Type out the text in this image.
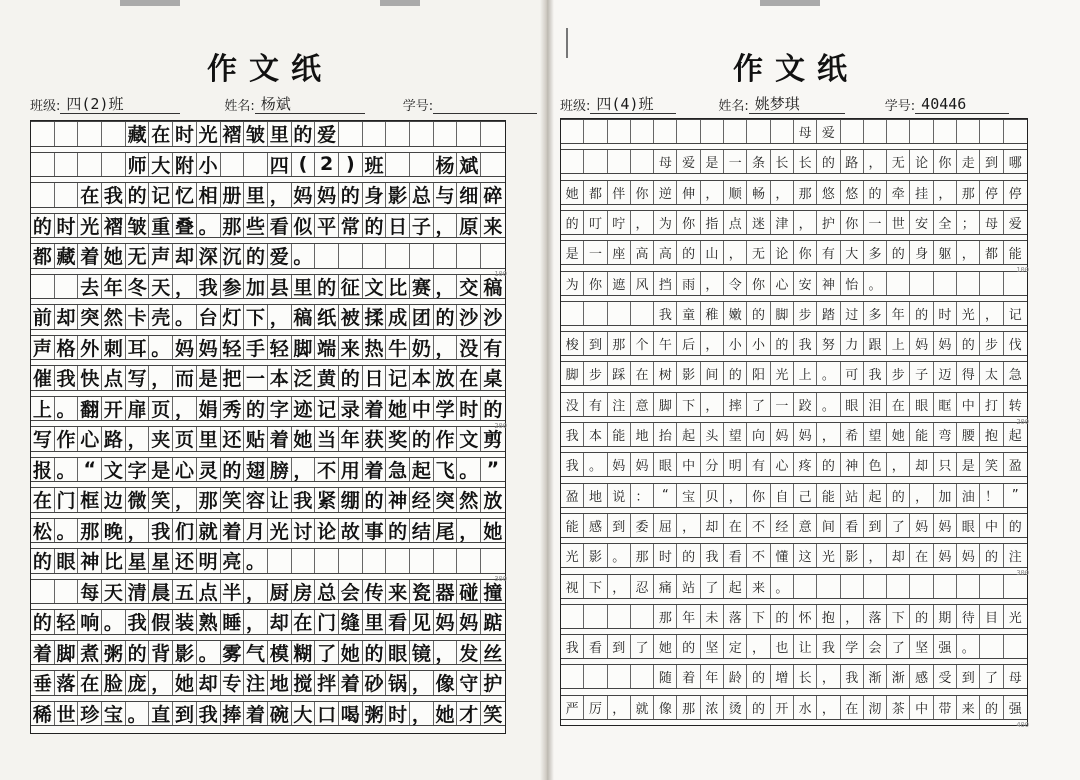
作文纸
班级: 四(2)班	姓名: 杨斌	学号:
藏 在 时 光 褶 皱 里 的 爱
师 大 附 小	四 ( 2 ) 班	杨 斌
在 我 的 记 忆 相 册 里 ， 妈 妈 的 身 影 总 与 细 碎
的 时 光 褶 皱 重 叠 。 那 些 看 似 平 常 的 日 子 ， 原 来
都 藏 着 她 无 声 却 深 沉 的 爱 。
去 年 冬 天 ， 我 参 加 县 里 的 征 文 比 赛 ， 交 稿
前 却 突 然 卡 壳 。 台 灯 下 ， 稿 纸 被 揉 成 团 的 沙 沙
声 格 外 刺 耳 。 妈 妈 轻 手 轻 脚 端 来 热 牛 奶 ， 没 有
催 我 快 点 写 ， 而 是 把 一 本 泛 黄 的 日 记 本 放 在 桌
上 。 翻 开 扉 页 ， 娟 秀 的 字 迹 记 录 着 她 中 学 时 的
写 作 心 路 ， 夹 页 里 还 贴 着 她 当 年 获 奖 的 作 文 剪
报 。 “ 文 字 是 心 灵 的 翅 膀 ， 不 用 着 急 起 飞 。 ”
在 门 框 边 微 笑 ， 那 笑 容 让 我 紧 绷 的 神 经 突 然 放
松 。 那 晚 ， 我 们 就 着 月 光 讨 论 故 事 的 结 尾 ， 她
的 眼 神 比 星 星 还 明 亮 。
每 天 清 晨 五 点 半 ， 厨 房 总 会 传 来 瓷 器 碰 撞
的 轻 响 。 我 假 装 熟 睡 ， 却 在 门 缝 里 看 见 妈 妈 踮
着 脚 煮 粥 的 背 影 。 雾 气 模 糊 了 她 的 眼 镜 ， 发 丝
垂 落 在 脸 庞 ， 她 却 专 注 地 搅 拌 着 砂 锅 ， 像 守 护
稀 世 珍 宝 。 直 到 我 捧 着 碗 大 口 喝 粥 时 ， 她 才 笑
100
200
300
作文纸
班级: 四(4)班	姓名: 姚梦琪	学号: 40446
母 爱
母 爱 是 一 条 长 长 的 路 ， 无 论 你 走 到 哪
她 都 伴 你 逆 伸 ， 顺 畅 ， 那 悠 悠 的 牵 挂 ， 那 停 停
的 叮 咛 ， 为 你 指 点 迷 津 ， 护 你 一 世 安 全 ； 母 爱
是 一 座 高 高 的 山 ， 无 论 你 有 大 多 的 身 躯 ， 都 能
为 你 遮 风 挡 雨 ， 令 你 心 安 神 怡 。
我 童 稚 嫩 的 脚 步 踏 过 多 年 的 时 光 ， 记
梭 到 那 个 午 后 ， 小 小 的 我 努 力 跟 上 妈 妈 的 步 伐
脚 步 踩 在 树 影 间 的 阳 光 上 。 可 我 步 子 迈 得 太 急
没 有 注 意 脚 下 ， 摔 了 一 跤 。 眼 泪 在 眼 眶 中 打 转
我 本 能 地 抬 起 头 望 向 妈 妈 ， 希 望 她 能 弯 腰 抱 起
我 。 妈 妈 眼 中 分 明 有 心 疼 的 神 色 ， 却 只 是 笑 盈
盈 地 说 ：	“	宝 贝 ， 你 自 己 能 站 起 的 ， 加 油 ！	”
能 感 到 委 屈 ， 却 在 不 经 意 间 看 到 了 妈 妈 眼 中 的
光 影 。 那 时 的 我 看 不 懂 这 光 影 ， 却 在 妈 妈 的 注
视 下 ， 忍 痛 站 了 起 来 。
那 年 未 落 下 的 怀 抱 ， 落 下 的 期 待 目 光
我 看 到 了 她 的 坚 定 ， 也 让 我 学 会 了 坚 强 。
随 着 年 龄 的 增 长 ， 我 渐 渐 感 受 到 了 母
严 厉 ， 就 像 那 浓 烫 的 开 水 ， 在 沏 茶 中 带 来 的 强
100
200
300
400
